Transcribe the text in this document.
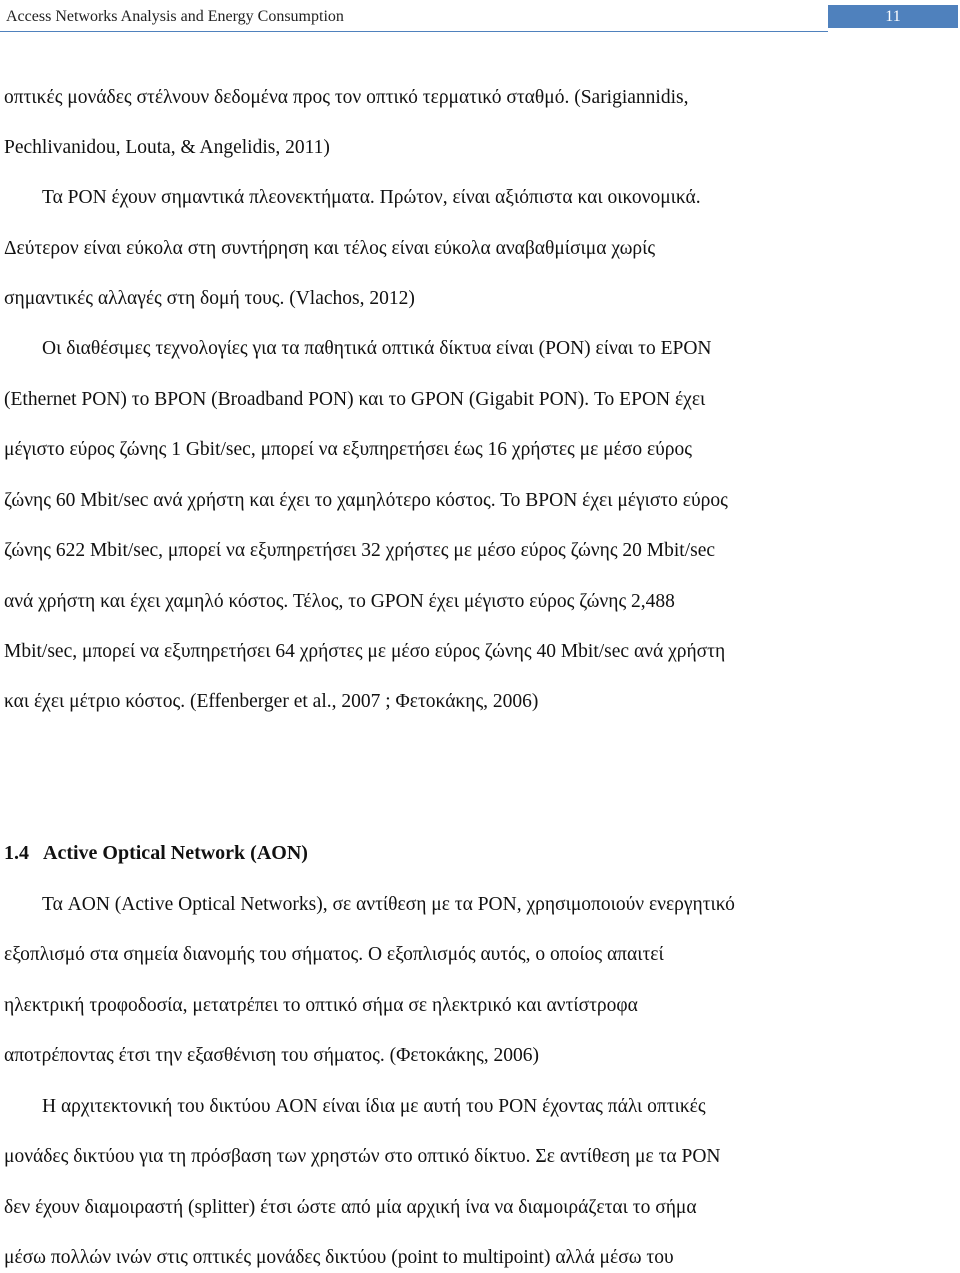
Access Networks Analysis and Energy Consumption	11
οπτικές μονάδες στέλνουν δεδομένα προς τον οπτικό τερματικό σταθμό. (Sarigiannidis,
Pechlivanidou, Louta, & Angelidis, 2011)
Τα PON έχουν σημαντικά πλεονεκτήματα. Πρώτον, είναι αξιόπιστα και οικονομικά.
Δεύτερον είναι εύκολα στη συντήρηση και τέλος είναι εύκολα αναβαθμίσιμα χωρίς
σημαντικές αλλαγές στη δομή τους. (Vlachos, 2012)
Οι διαθέσιμες τεχνολογίες για τα παθητικά οπτικά δίκτυα είναι (PON) είναι το EPON
(Ethernet PON) το BPON (Broadband PON) και το GPON (Gigabit PON). Το EPON έχει
μέγιστο εύρος ζώνης 1 Gbit/sec, μπορεί να εξυπηρετήσει έως 16 χρήστες με μέσο εύρος
ζώνης 60 Mbit/sec ανά χρήστη και έχει το χαμηλότερο κόστος. Το BPON έχει μέγιστο εύρος
ζώνης 622 Mbit/sec, μπορεί να εξυπηρετήσει 32 χρήστες με μέσο εύρος ζώνης 20 Mbit/sec
ανά χρήστη και έχει χαμηλό κόστος. Τέλος, το GPON έχει μέγιστο εύρος ζώνης 2,488
Mbit/sec, μπορεί να εξυπηρετήσει 64 χρήστες με μέσο εύρος ζώνης 40 Mbit/sec ανά χρήστη
και έχει μέτριο κόστος. (Effenberger et al., 2007 ; Φετοκάκης, 2006)
1.4 Active Optical Network (AON)
Τα AON (Active Optical Networks), σε αντίθεση με τα PON, χρησιμοποιούν ενεργητικό
εξοπλισμό στα σημεία διανομής του σήματος. Ο εξοπλισμός αυτός, ο οποίος απαιτεί
ηλεκτρική τροφοδοσία, μετατρέπει το οπτικό σήμα σε ηλεκτρικό και αντίστροφα
αποτρέποντας έτσι την εξασθένιση του σήματος. (Φετοκάκης, 2006)
Η αρχιτεκτονική του δικτύου AON είναι ίδια με αυτή του PON έχοντας πάλι οπτικές
μονάδες δικτύου για τη πρόσβαση των χρηστών στο οπτικό δίκτυο. Σε αντίθεση με τα PON
δεν έχουν διαμοιραστή (splitter) έτσι ώστε από μία αρχική ίνα να διαμοιράζεται το σήμα
μέσω πολλών ινών στις οπτικές μονάδες δικτύου (point to multipoint) αλλά μέσω του
